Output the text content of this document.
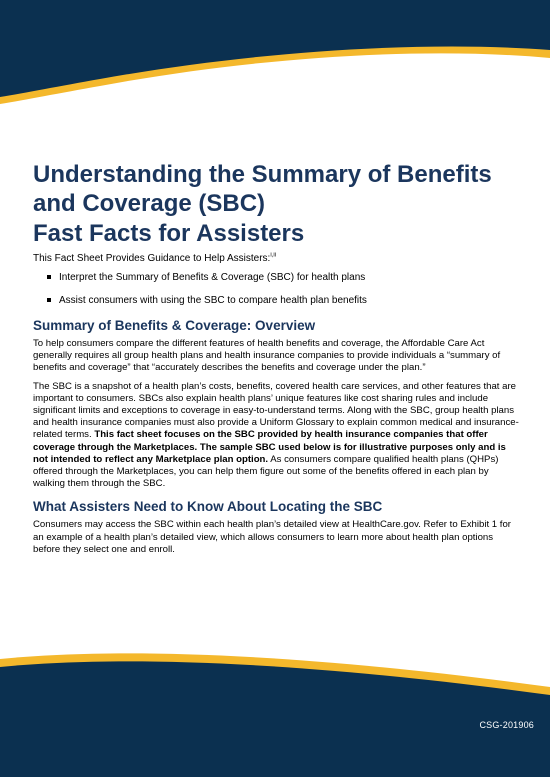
Understanding the Summary of Benefits and Coverage (SBC)
Fast Facts for Assisters

This Fact Sheet Provides Guidance to Help Assisters:$^{i,ii}$

Interpret the Summary of Benefits & Coverage (SBC) for health plans
Assist consumers with using the SBC to compare health plan benefits
Summary of Benefits & Coverage: Overview

To help consumers compare the different features of health benefits and coverage, the Affordable Care Act generally requires all group health plans and health insurance companies to provide individuals a “summary of benefits and coverage” that “accurately describes the benefits and coverage under the plan.”

The SBC is a snapshot of a health plan’s costs, benefits, covered health care services, and other features that are important to consumers. SBCs also explain health plans’ unique features like cost sharing rules and include significant limits and exceptions to coverage in easy-to-understand terms. Along with the SBC, group health plans and health insurance companies must also provide a Uniform Glossary to explain common medical and insurance-related terms. This fact sheet focuses on the SBC provided by health insurance companies that offer coverage through the Marketplaces. The sample SBC used below is for illustrative purposes only and is not intended to reflect any Marketplace plan option. As consumers compare qualified health plans (QHPs) offered through the Marketplaces, you can help them figure out some of the benefits offered in each plan by walking them through the SBC.

What Assisters Need to Know About Locating the SBC

Consumers may access the SBC within each health plan’s detailed view at HealthCare.gov. Refer to Exhibit 1 for an example of a health plan’s detailed view, which allows consumers to learn more about health plan options before they select one and enroll.

CSG-201906
